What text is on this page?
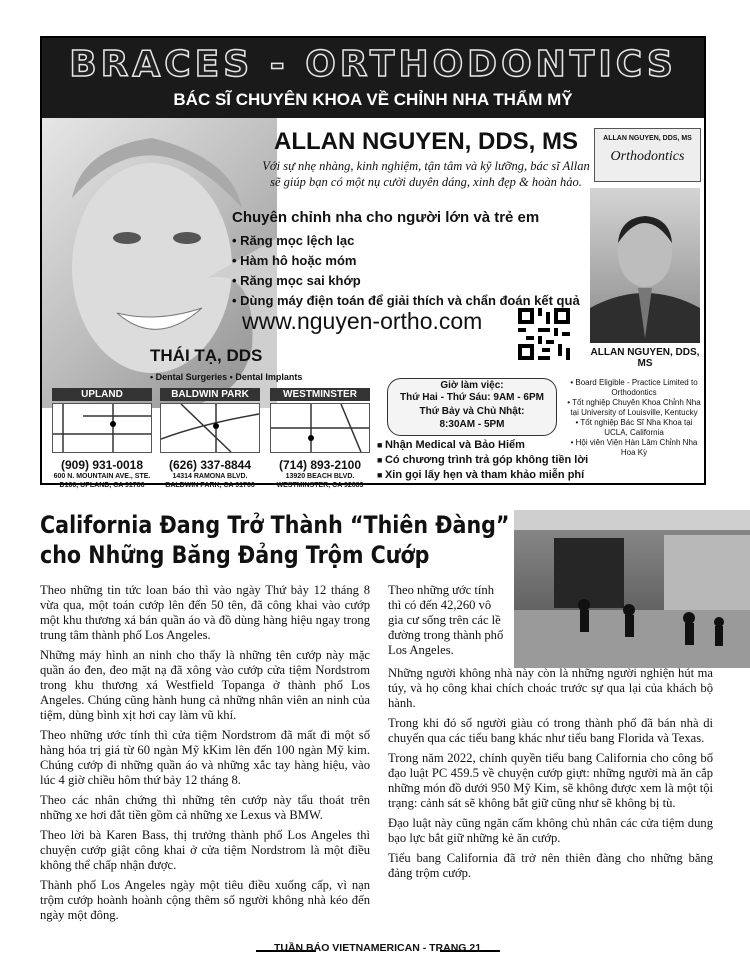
BRACES - ORTHODONTICS
BÁC SĨ CHUYÊN KHOA VỀ CHỈNH NHA THẨM MỸ
ALLAN NGUYEN, DDS, MS	ALLAN NGUYEN, DDS, MS
Orthodontics
Với sự nhẹ nhàng, kinh nghiệm, tận tâm và kỹ lưỡng, bác sĩ Allan sẽ giúp bạn có một nụ cười duyên dáng, xinh đẹp & hoàn hảo.
Chuyên chỉnh nha cho người lớn và trẻ em
• Răng mọc lệch lạc
• Hàm hô hoặc móm
• Răng mọc sai khớp
• Dùng máy điện toán để giải thích và chẩn đoán kết quả
www.nguyen-ortho.com
ALLAN NGUYEN, DDS, MS
THÁI TẠ, DDS
• Dental Surgeries • Dental Implants
UPLAND
(909) 931-0018
600 N. MOUNTAIN AVE., STE. D100, UPLAND, CA 91786
BALDWIN PARK
(626) 337-8844
14314 RAMONA BLVD. BALDWIN PARK, CA 91706
WESTMINSTER
(714) 893-2100
13920 BEACH BLVD. WESTMINSTER, CA 92683
Giờ làm việc:
Thứ Hai - Thứ Sáu: 9AM - 6PM
Thứ Bảy và Chủ Nhật:
8:30AM - 5PM
• Board Eligible - Practice Limited to Orthodontics
• Tốt nghiệp Chuyên Khoa Chỉnh Nha tại University of Louisville, Kentucky
• Tốt nghiệp Bác Sĩ Nha Khoa tại UCLA, California
• Hội viên Viện Hàn Lâm Chỉnh Nha Hoa Kỳ
■ Nhận Medical và Bảo Hiểm
■ Có chương trình trả góp không tiền lời
■ Xin gọi lấy hẹn và tham khảo miễn phí
California Đang Trở Thành “Thiên Đàng”
cho Những Băng Đảng Trộm Cướp

Theo những tin tức loan báo thì vào ngày Thứ bảy 12 tháng 8 vừa qua, một toán cướp lên đến 50 tên, đã công khai vào cướp một khu thương xá bán quần áo và đồ dùng hàng hiệu ngay trong trung tâm thành phố Los Angeles.

Những máy hình an ninh cho thấy là những tên cướp này mặc quần áo đen, đeo mặt nạ đã xông vào cướp cửa tiệm Nordstrom trong khu thương xá Westfield Topanga ở thành phố Los Angeles. Chúng cũng hành hung cả những nhân viên an ninh của tiệm, dùng bình xịt hơi cay làm vũ khí.

Theo những ước tính thì cửa tiệm Nordstrom đã mất đi một số hàng hóa trị giá từ 60 ngàn Mỹ kKim lên đến 100 ngàn Mỹ kim. Chúng cướp đi những quần áo và những xắc tay hàng hiệu, vào lúc 4 giờ chiều hôm thứ bảy 12 tháng 8.

Theo các nhân chứng thì những tên cướp này tẩu thoát trên những xe hơi đắt tiền gồm cả những xe Lexus và BMW.

Theo lời bà Karen Bass, thị trưởng thành phố Los Angeles thì chuyện cướp giật công khai ở cửa tiệm Nordstrom là một điều không thể chấp nhận được.

Thành phố Los Angeles ngày một tiêu điều xuống cấp, vì nạn trộm cướp hoành hoành cộng thêm số người không nhà kéo đến ngày một đông.

Theo những ước tính thì có đến 42,260 vô gia cư sống trên các lề đường trong thành phố Los Angeles.

Những người không nhà này còn là những người nghiện hút ma túy, và họ công khai chích choác trước sự qua lại của khách bộ hành.

Trong khi đó số người giàu có trong thành phố đã bán nhà di chuyển qua các tiểu bang khác như tiểu bang Florida và Texas.

Trong năm 2022, chính quyền tiểu bang California cho công bố đạo luật PC 459.5 về chuyện cướp giựt: những người mà ăn cắp những món đồ dưới 950 Mỹ Kim, sẽ không được xem là một tội trạng: cảnh sát sẽ không bắt giữ cũng như sẽ không bị tù.

Đạo luật này cũng ngăn cấm không chủ nhân các cửa tiệm dung bạo lực bắt giữ những kẻ ăn cướp.

Tiểu bang California đã trở nên thiên đàng cho những băng đảng trộm cướp.

TUẦN BÁO VIETNAMERICAN - TRANG 21
